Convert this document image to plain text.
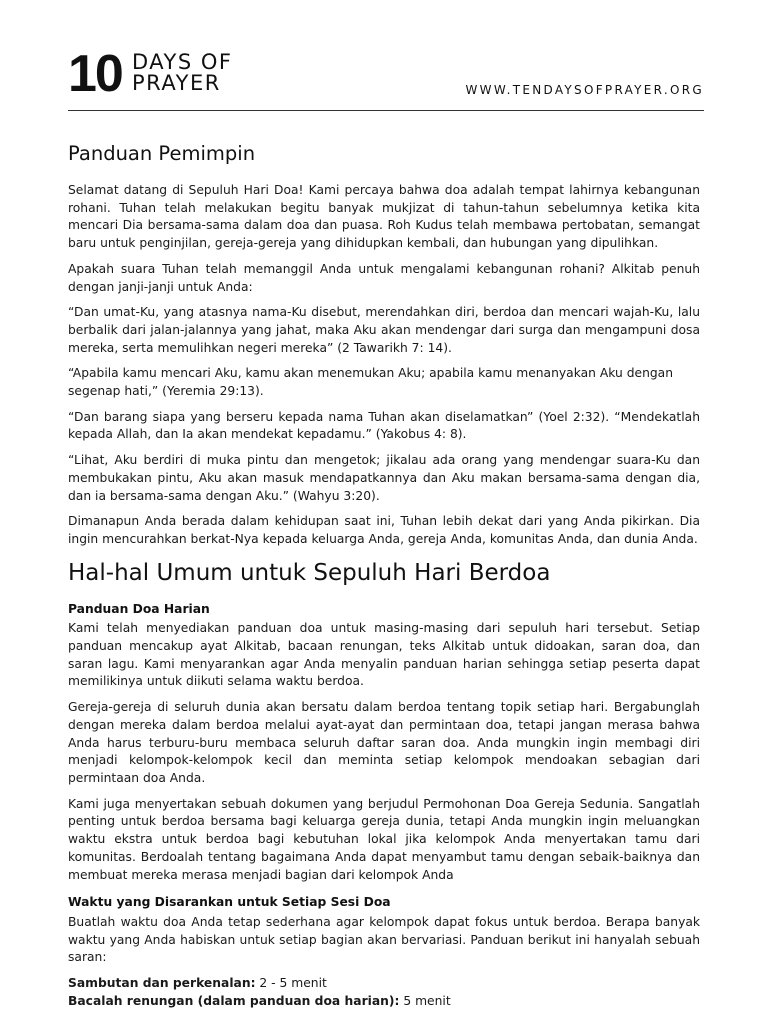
10 DAYS OF
PRAYER	WWW.TENDAYSOFPRAYER.ORG
Panduan Pemimpin

Selamat datang di Sepuluh Hari Doa! Kami percaya bahwa doa adalah tempat lahirnya kebangunan rohani. Tuhan telah melakukan begitu banyak mukjizat di tahun-tahun sebelumnya ketika kita mencari Dia bersama-sama dalam doa dan puasa. Roh Kudus telah membawa pertobatan, semangat baru untuk penginjilan, gereja-gereja yang dihidupkan kembali, dan hubungan yang dipulihkan.

Apakah suara Tuhan telah memanggil Anda untuk mengalami kebangunan rohani? Alkitab penuh dengan janji-janji untuk Anda:

“Dan umat-Ku, yang atasnya nama-Ku disebut, merendahkan diri, berdoa dan mencari wajah-Ku, lalu berbalik dari jalan-jalannya yang jahat, maka Aku akan mendengar dari surga dan mengampuni dosa mereka, serta memulihkan negeri mereka” (2 Tawarikh 7: 14).

“Apabila kamu mencari Aku, kamu akan menemukan Aku; apabila kamu menanyakan Aku dengan segenap hati,” (Yeremia 29:13).

“Dan barang siapa yang berseru kepada nama Tuhan akan diselamatkan” (Yoel 2:32). “Mendekatlah kepada Allah, dan Ia akan mendekat kepadamu.” (Yakobus 4: 8).

“Lihat, Aku berdiri di muka pintu dan mengetok; jikalau ada orang yang mendengar suara-Ku dan membukakan pintu, Aku akan masuk mendapatkannya dan Aku makan bersama-sama dengan dia, dan ia bersama-sama dengan Aku.” (Wahyu 3:20).

Dimanapun Anda berada dalam kehidupan saat ini, Tuhan lebih dekat dari yang Anda pikirkan. Dia ingin mencurahkan berkat-Nya kepada keluarga Anda, gereja Anda, komunitas Anda, dan dunia Anda.

Hal-hal Umum untuk Sepuluh Hari Berdoa
Panduan Doa Harian

Kami telah menyediakan panduan doa untuk masing-masing dari sepuluh hari tersebut. Setiap panduan mencakup ayat Alkitab, bacaan renungan, teks Alkitab untuk didoakan, saran doa, dan saran lagu. Kami menyarankan agar Anda menyalin panduan harian sehingga setiap peserta dapat memilikinya untuk diikuti selama waktu berdoa.

Gereja-gereja di seluruh dunia akan bersatu dalam berdoa tentang topik setiap hari. Bergabunglah dengan mereka dalam berdoa melalui ayat-ayat dan permintaan doa, tetapi jangan merasa bahwa Anda harus terburu-buru membaca seluruh daftar saran doa. Anda mungkin ingin membagi diri menjadi kelompok-kelompok kecil dan meminta setiap kelompok mendoakan sebagian dari permintaan doa Anda.

Kami juga menyertakan sebuah dokumen yang berjudul Permohonan Doa Gereja Sedunia. Sangatlah penting untuk berdoa bersama bagi keluarga gereja dunia, tetapi Anda mungkin ingin meluangkan waktu ekstra untuk berdoa bagi kebutuhan lokal jika kelompok Anda menyertakan tamu dari komunitas. Berdoalah tentang bagaimana Anda dapat menyambut tamu dengan sebaik-baiknya dan membuat mereka merasa menjadi bagian dari kelompok Anda

Waktu yang Disarankan untuk Setiap Sesi Doa

Buatlah waktu doa Anda tetap sederhana agar kelompok dapat fokus untuk berdoa. Berapa banyak waktu yang Anda habiskan untuk setiap bagian akan bervariasi. Panduan berikut ini hanyalah sebuah saran:

Sambutan dan perkenalan: 2 - 5 menit
Bacalah renungan (dalam panduan doa harian): 5 menit
